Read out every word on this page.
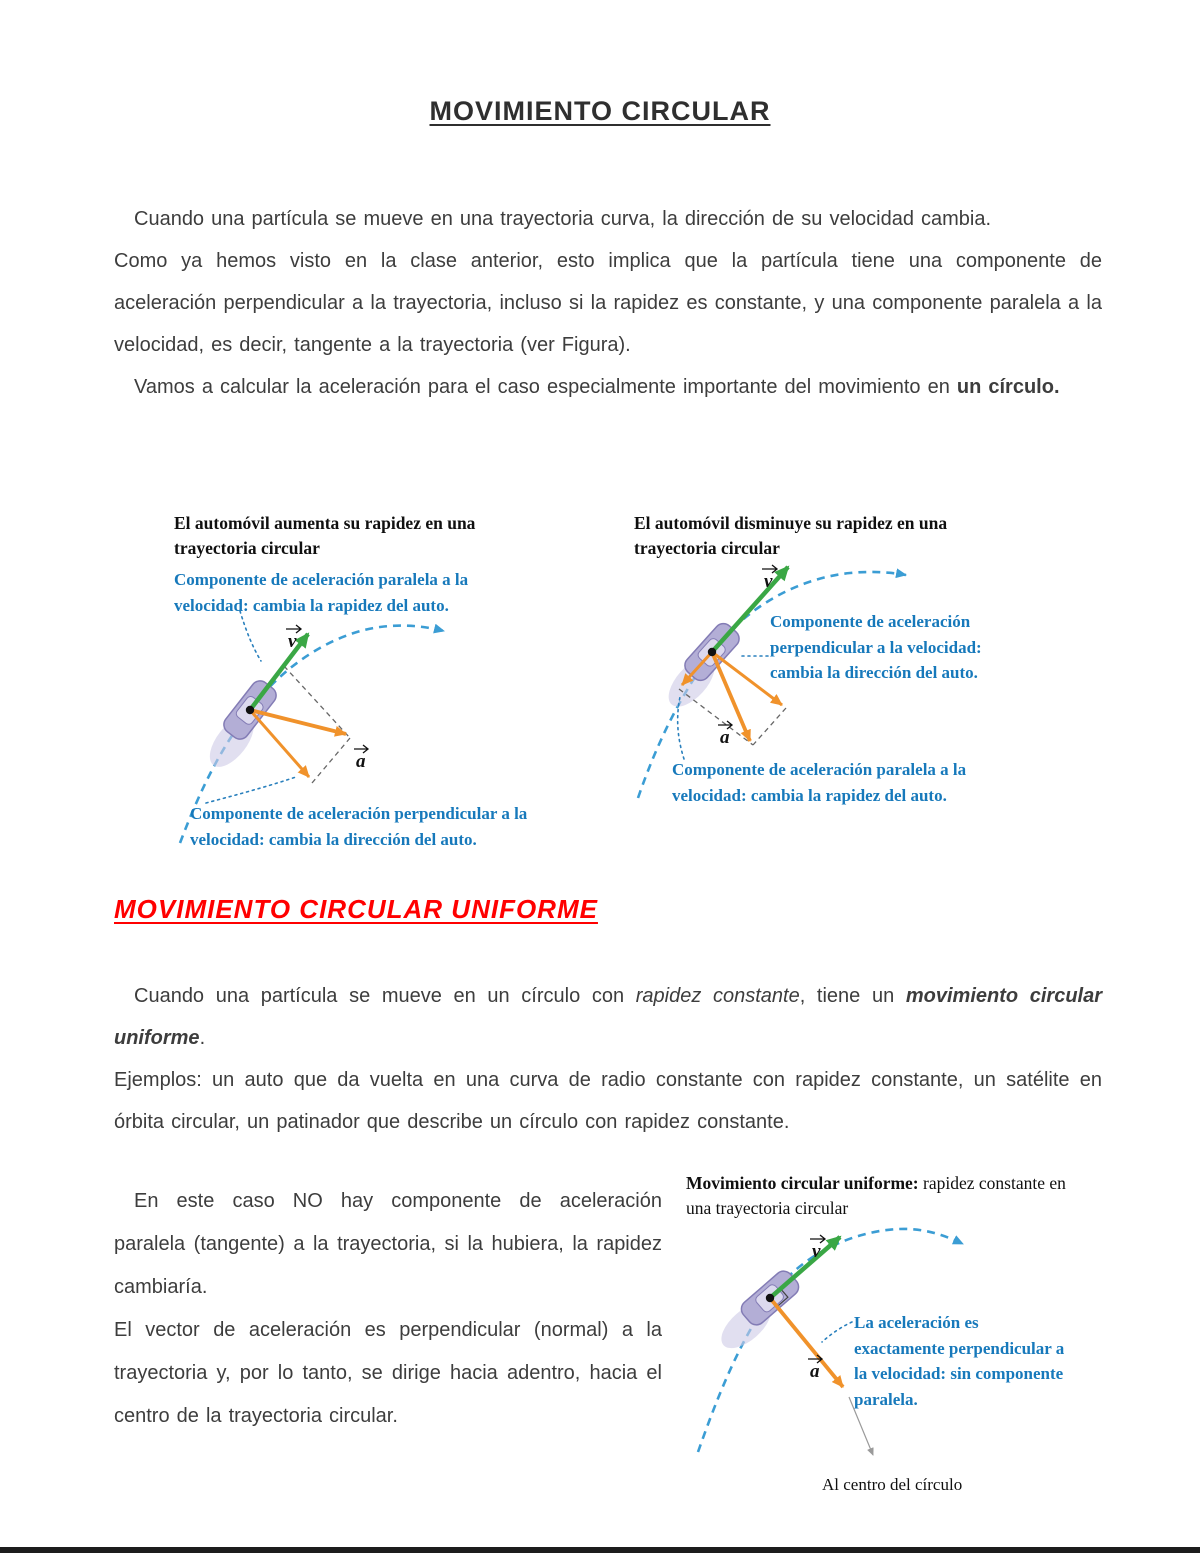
MOVIMIENTO CIRCULAR

Cuando una partícula se mueve en una trayectoria curva, la dirección de su velocidad cambia.

Como ya hemos visto en la clase anterior, esto implica que la partícula tiene una componente de aceleración perpendicular a la trayectoria, incluso si la rapidez es constante, y una componente paralela a la velocidad, es decir, tangente a la trayectoria (ver Figura).

Vamos a calcular la aceleración para el caso especialmente importante del movimiento en un círculo.

El automóvil aumenta su rapidez en una trayectoria circular
Componente de aceleración paralela a la velocidad: cambia la rapidez del auto.
v
a
Componente de aceleración perpendicular a la velocidad: cambia la dirección del auto.
El automóvil disminuye su rapidez en una trayectoria circular
Componente de aceleración perpendicular a la velocidad: cambia la dirección del auto.
v
a
Componente de aceleración paralela a la velocidad: cambia la rapidez del auto.
MOVIMIENTO CIRCULAR UNIFORME

Cuando una partícula se mueve en un círculo con rapidez constante, tiene un movimiento circular uniforme.

Ejemplos: un auto que da vuelta en una curva de radio constante con rapidez constante, un satélite en órbita circular, un patinador que describe un círculo con rapidez constante.

En este caso NO hay componente de aceleración paralela (tangente) a la trayectoria, si la hubiera, la rapidez cambiaría.

El vector de aceleración es perpendicular (normal) a la trayectoria y, por lo tanto, se dirige hacia adentro, hacia el centro de la trayectoria circular.

Movimiento circular uniforme: rapidez constante en una trayectoria circular
La aceleración es exactamente perpendicular a la velocidad: sin componente paralela.
v
a
Al centro del círculo
